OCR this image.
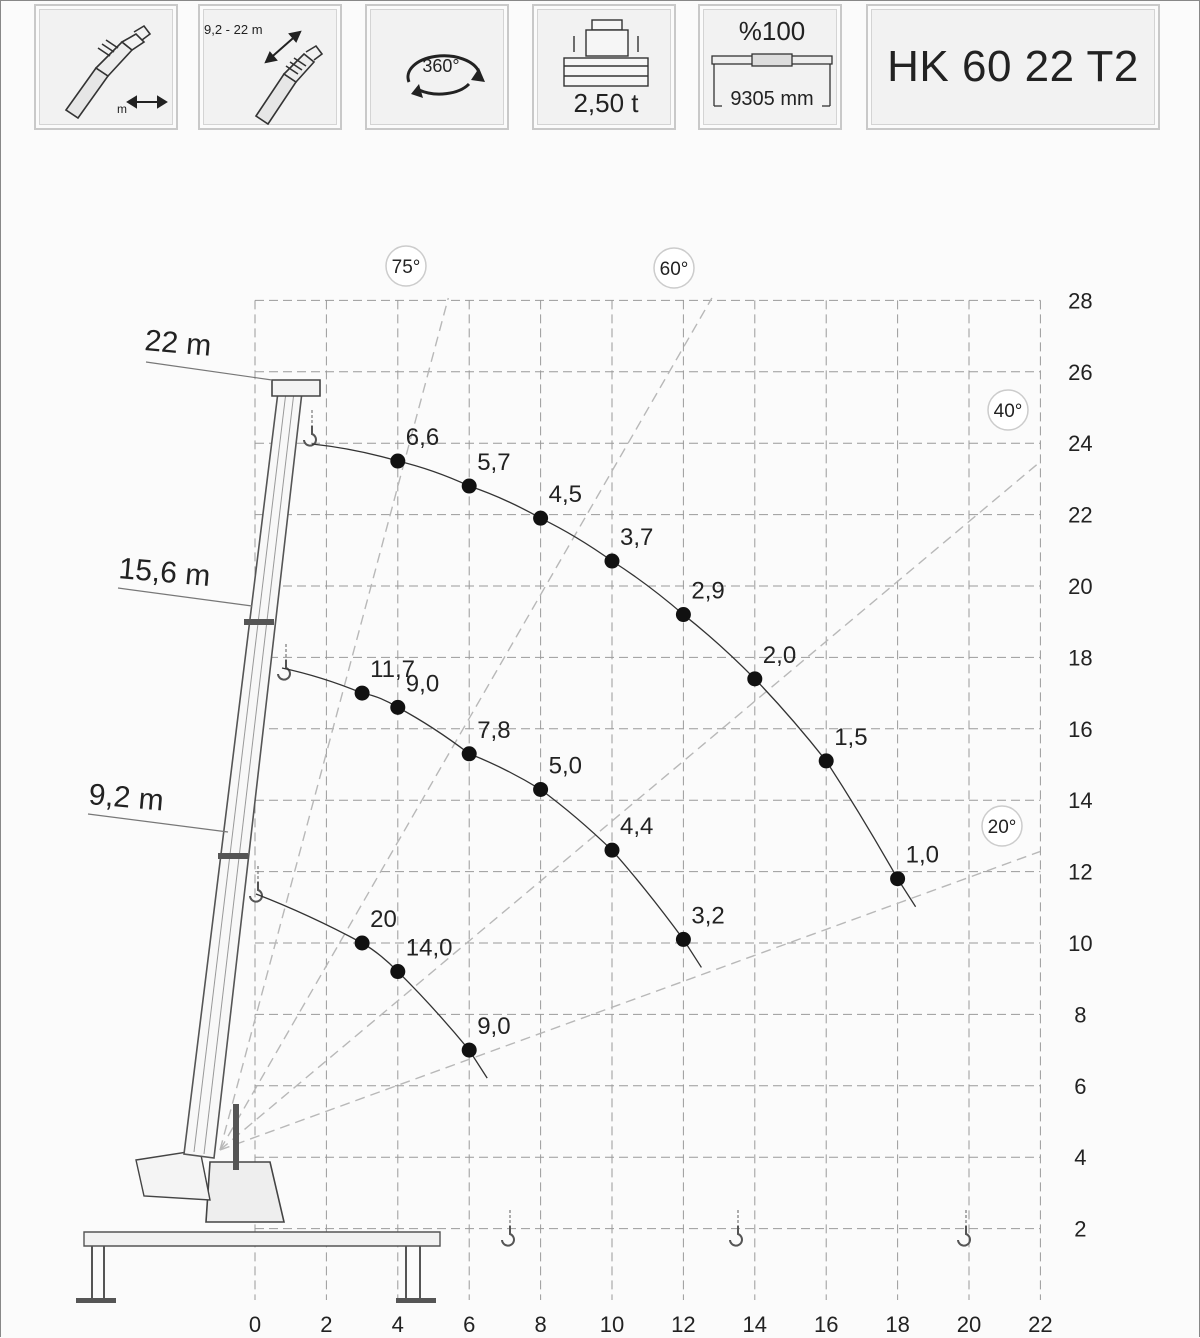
m
9,2 - 22 m
360°
2,50 t
%100
9305 mm
HK 60 22 T2
0	2	4	6	8 10 12 14 16 18 20 22
2
4
6
8
10
12
14
16
18
20
22
24
26
28
75°	60°
40°
20°
22 m
15,6 m
9,2 m
6,6
5,7
4,5
3,7
2,9
2,0
1,5
1,0
11,7
9,0
7,8
5,0
4,4
3,2
20
14,0
9,0
